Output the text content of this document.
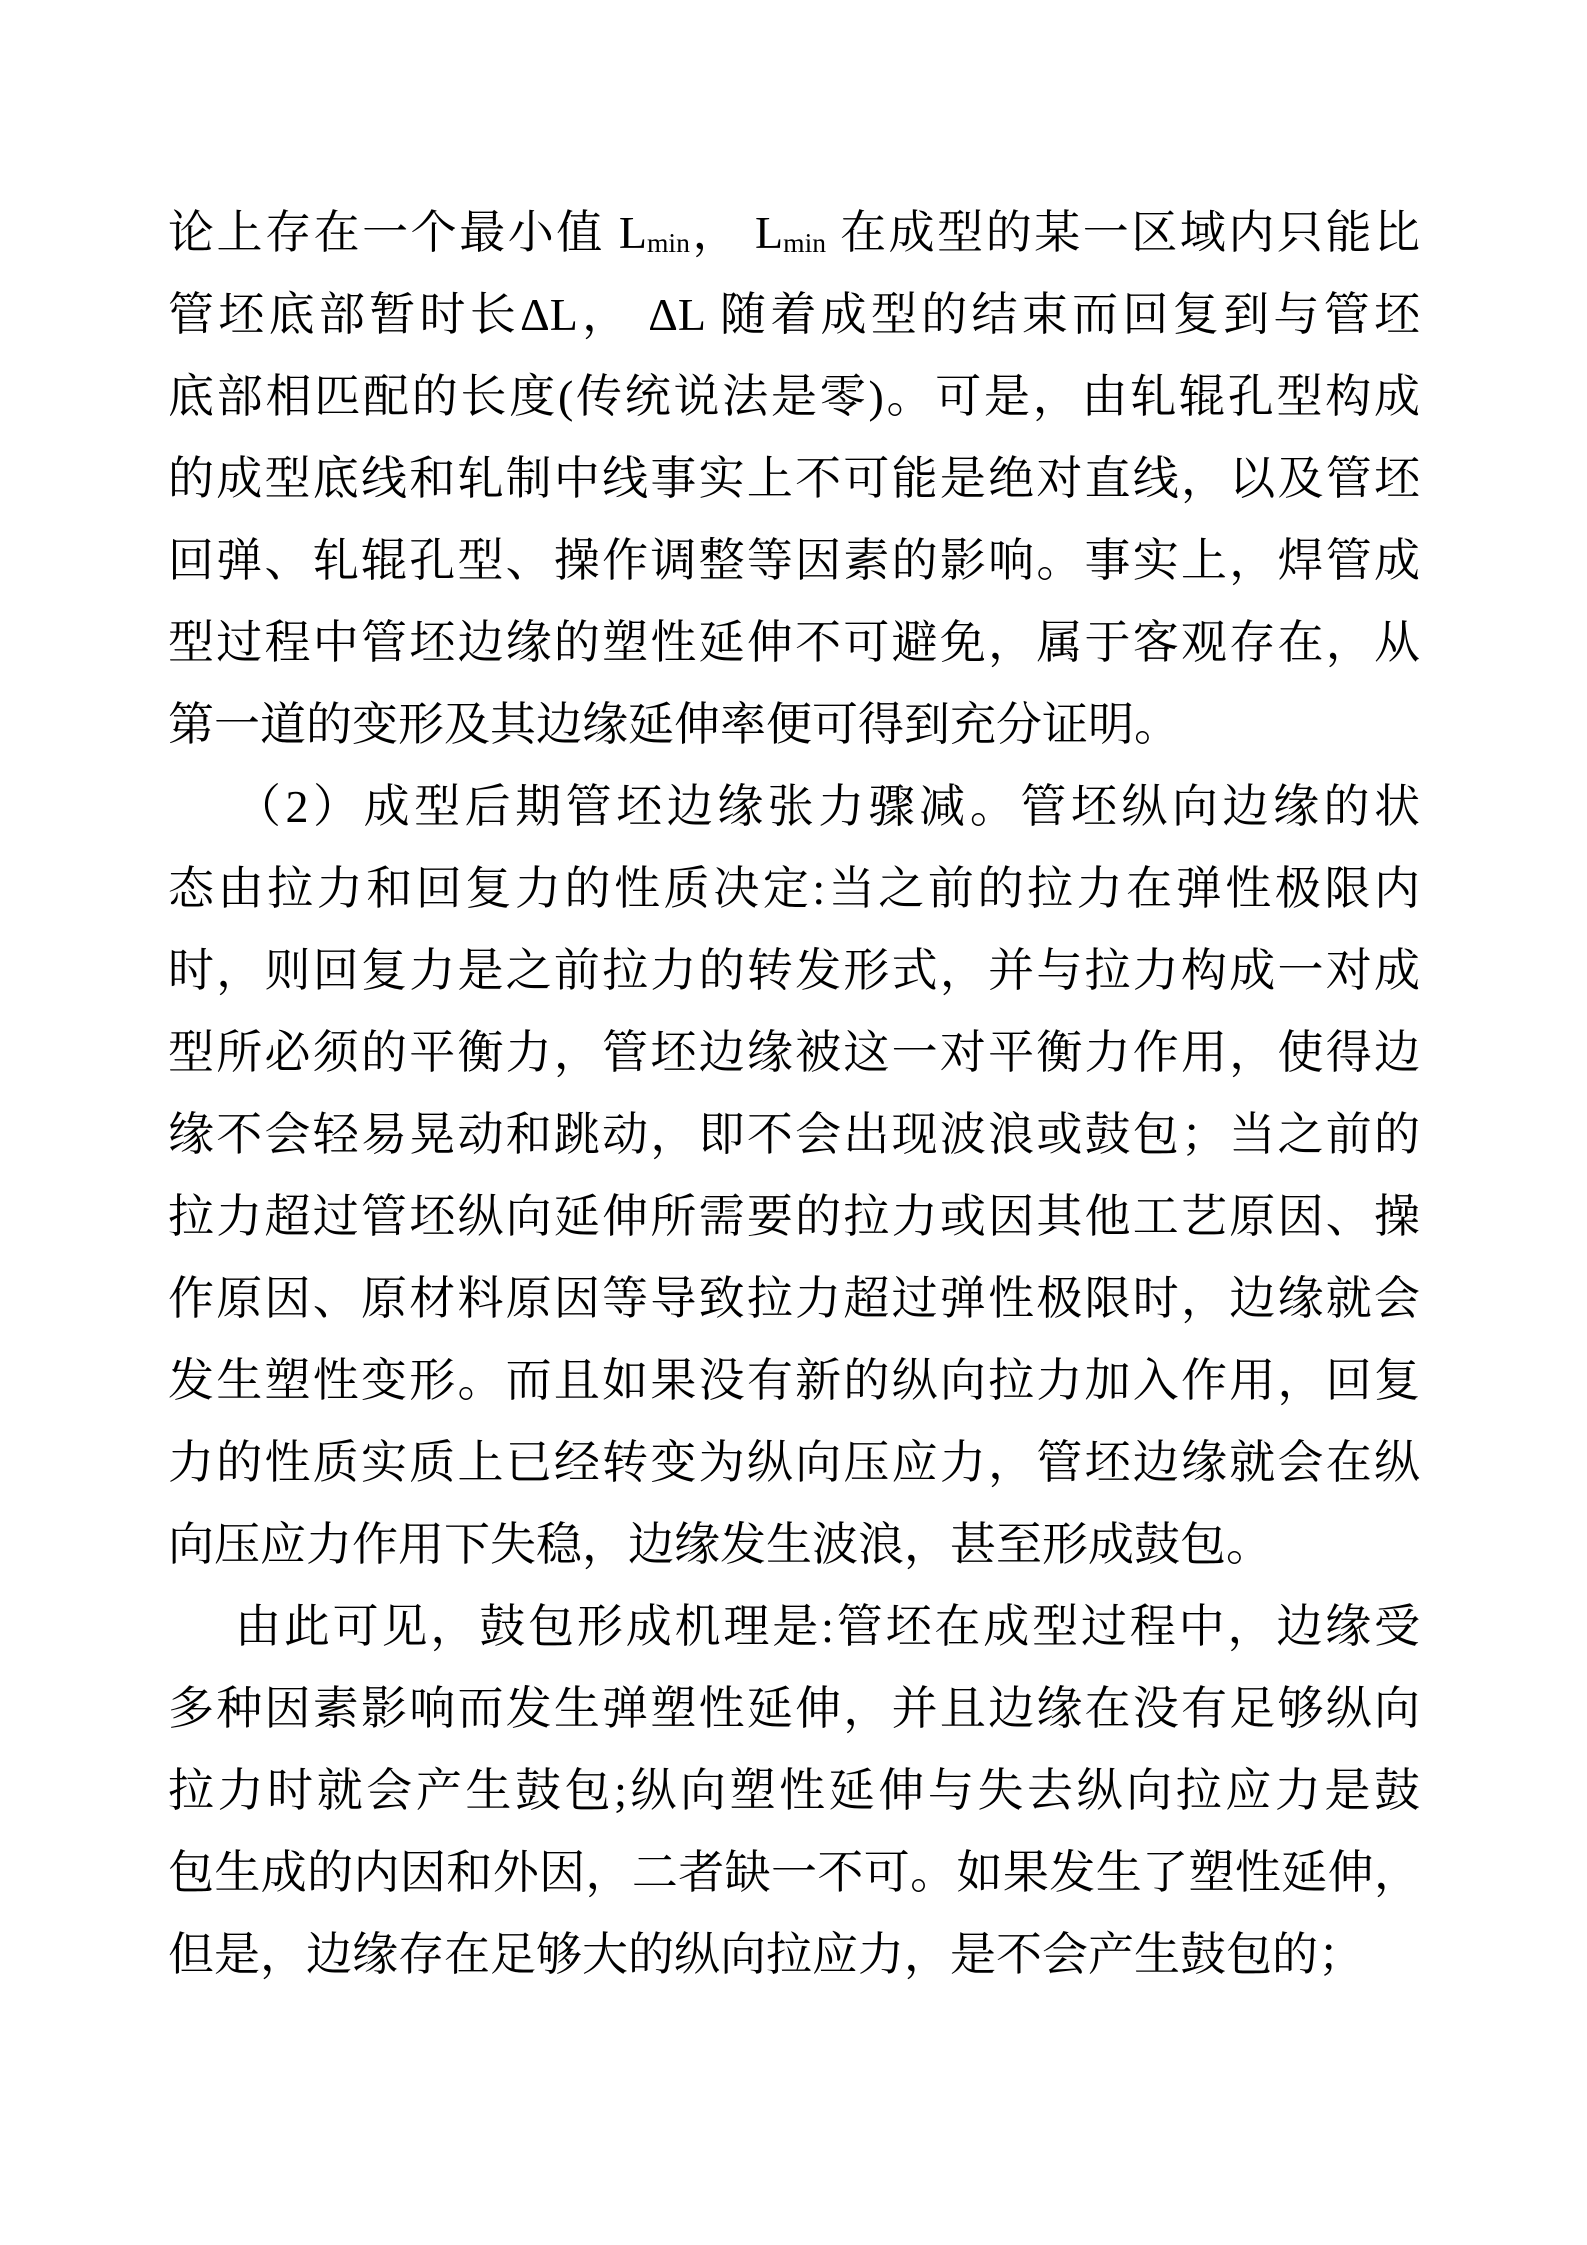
论上存在一个最小值 Lmin， Lmin 在成型的某一区域内只能比
管坯底部暂时长ΔL， ΔL 随着成型的结束而回复到与管坯
底部相匹配的长度(传统说法是零)。可是，由轧辊孔型构成
的成型底线和轧制中线事实上不可能是绝对直线，以及管坯
回弹、轧辊孔型、操作调整等因素的影响。事实上，焊管成
型过程中管坯边缘的塑性延伸不可避免，属于客观存在，从
第一道的变形及其边缘延伸率便可得到充分证明。
（2）成型后期管坯边缘张力骤减。管坯纵向边缘的状
态由拉力和回复力的性质决定:当之前的拉力在弹性极限内
时，则回复力是之前拉力的转发形式，并与拉力构成一对成
型所必须的平衡力，管坯边缘被这一对平衡力作用，使得边
缘不会轻易晃动和跳动，即不会出现波浪或鼓包；当之前的
拉力超过管坯纵向延伸所需要的拉力或因其他工艺原因、操
作原因、原材料原因等导致拉力超过弹性极限时，边缘就会
发生塑性变形。而且如果没有新的纵向拉力加入作用，回复
力的性质实质上已经转变为纵向压应力，管坯边缘就会在纵
向压应力作用下失稳，边缘发生波浪，甚至形成鼓包。
由此可见，鼓包形成机理是:管坯在成型过程中，边缘受
多种因素影响而发生弹塑性延伸，并且边缘在没有足够纵向
拉力时就会产生鼓包;纵向塑性延伸与失去纵向拉应力是鼓
包生成的内因和外因，二者缺一不可。如果发生了塑性延伸，
但是，边缘存在足够大的纵向拉应力，是不会产生鼓包的；
